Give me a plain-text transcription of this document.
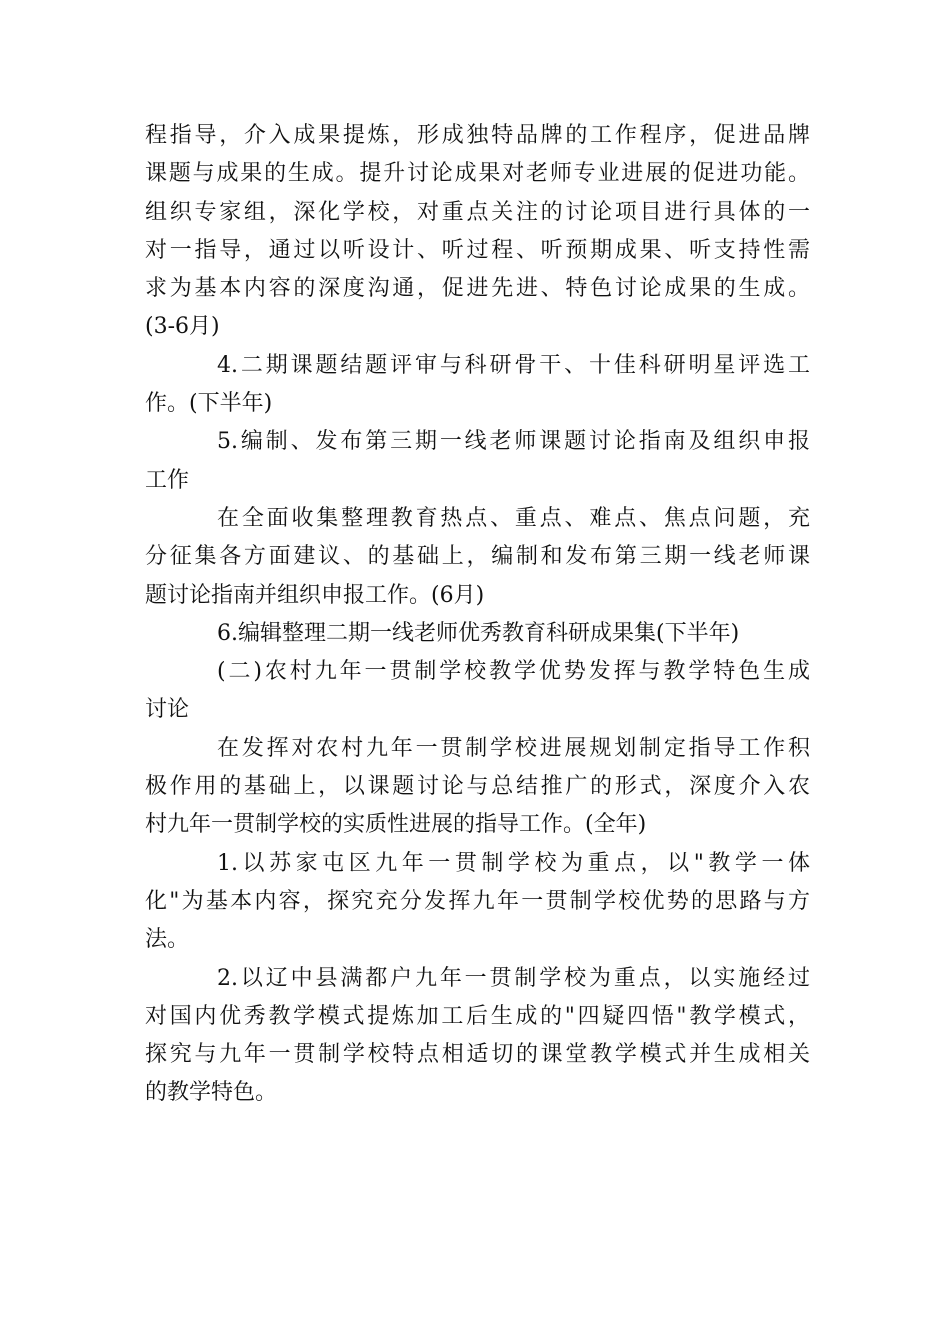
程指导，介入成果提炼，形成独特品牌的工作程序，促进品牌
课题与成果的生成。提升讨论成果对老师专业进展的促进功能。
组织专家组，深化学校，对重点关注的讨论项目进行具体的一
对一指导，通过以听设计、听过程、听预期成果、听支持性需
求为基本内容的深度沟通，促进先进、特色讨论成果的生成。
(3-6月)
4.二期课题结题评审与科研骨干、十佳科研明星评选工
作。(下半年)
5.编制、发布第三期一线老师课题讨论指南及组织申报
工作
在全面收集整理教育热点、重点、难点、焦点问题，充
分征集各方面建议、的基础上，编制和发布第三期一线老师课
题讨论指南并组织申报工作。(6月)
6.编辑整理二期一线老师优秀教育科研成果集(下半年)
(二)农村九年一贯制学校教学优势发挥与教学特色生成
讨论
在发挥对农村九年一贯制学校进展规划制定指导工作积
极作用的基础上，以课题讨论与总结推广的形式，深度介入农
村九年一贯制学校的实质性进展的指导工作。(全年)
1.以苏家屯区九年一贯制学校为重点，以"教学一体
化"为基本内容，探究充分发挥九年一贯制学校优势的思路与方
法。
2.以辽中县满都户九年一贯制学校为重点，以实施经过
对国内优秀教学模式提炼加工后生成的"四疑四悟"教学模式，
探究与九年一贯制学校特点相适切的课堂教学模式并生成相关
的教学特色。
